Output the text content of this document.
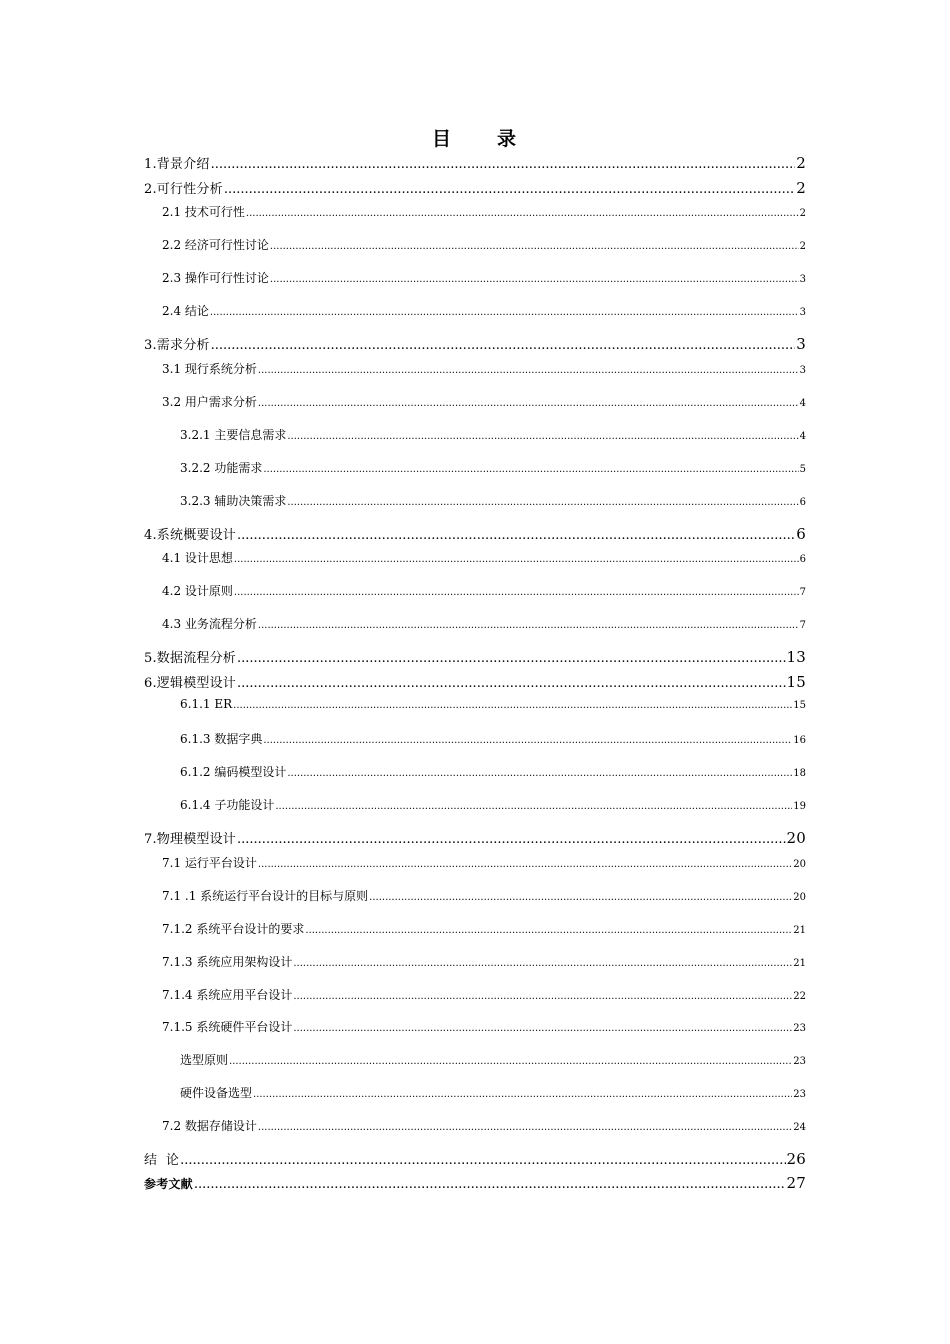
目 录
1.背景介绍 .....	2
2.可行性分析 .....	2
2.1 技术可行性 .....	2
2.2 经济可行性讨论 .....	2
2.3 操作可行性讨论 .....	3
2.4 结论 .....	3
3.需求分析 .....	3
3.1 现行系统分析 .....	3
3.2 用户需求分析 .....	4
3.2.1 主要信息需求 .....	4
3.2.2 功能需求 .....	5
3.2.3 辅助决策需求 .....	6
4.系统概要设计 .....	6
4.1 设计思想 .....	6
4.2 设计原则 .....	7
4.3 业务流程分析 .....	7
5.数据流程分析 .....	13
6.逻辑模型设计 .....	15
6.1.1 ER .....	15
6.1.3 数据字典 .....	16
6.1.2 编码模型设计 .....	18
6.1.4 子功能设计 .....	19
7.物理模型设计 .....	20
7.1 运行平台设计 .....	20
7.1 .1 系统运行平台设计的目标与原则 .....	20
7.1.2 系统平台设计的要求 .....	21
7.1.3 系统应用架构设计 .....	21
7.1.4 系统应用平台设计 .....	22
7.1.5 系统硬件平台设计 .....	23
选型原则 .....	23
硬件设备选型 .....	23
7.2 数据存储设计 .....	24
结  论 .....	26
参考文献 .....	27
